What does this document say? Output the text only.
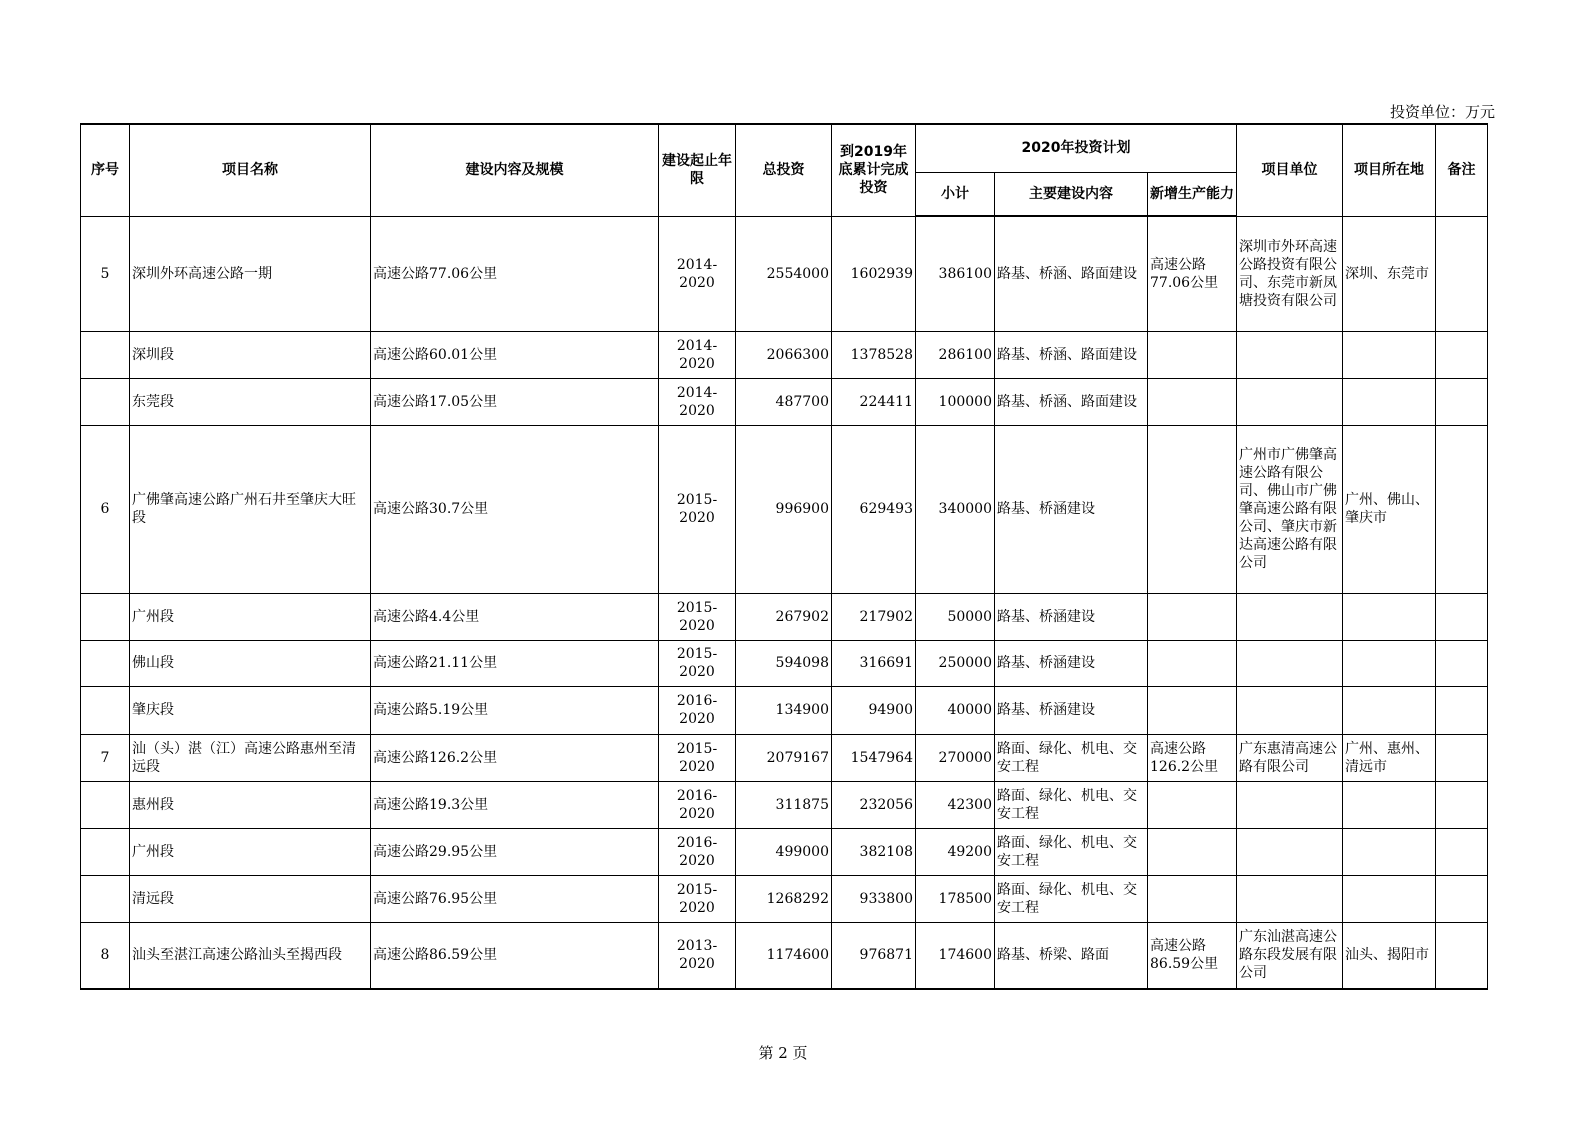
投资单位：万元
序号	项目名称	建设内容及规模	建设起止年限	总投资	到2019年底累计完成投资	2020年投资计划			项目单位	项目所在地	备注
						小计	主要建设内容	新增生产能力			
5	深圳外环高速公路一期	高速公路77.06公里	2014-2020	2554000	1602939	386100	路基、桥涵、路面建设	高速公路77.06公里	深圳市外环高速公路投资有限公司、东莞市新凤塘投资有限公司	深圳、东莞市	
	深圳段	高速公路60.01公里	2014-2020	2066300	1378528	286100	路基、桥涵、路面建设				
	东莞段	高速公路17.05公里	2014-2020	487700	224411	100000	路基、桥涵、路面建设				
6	广佛肇高速公路广州石井至肇庆大旺段	高速公路30.7公里	2015-2020	996900	629493	340000	路基、桥涵建设		广州市广佛肇高速公路有限公司、佛山市广佛肇高速公路有限公司、肇庆市新达高速公路有限公司	广州、佛山、肇庆市	
	广州段	高速公路4.4公里	2015-2020	267902	217902	50000	路基、桥涵建设				
	佛山段	高速公路21.11公里	2015-2020	594098	316691	250000	路基、桥涵建设				
	肇庆段	高速公路5.19公里	2016-2020	134900	94900	40000	路基、桥涵建设				
7	汕（头）湛（江）高速公路惠州至清远段	高速公路126.2公里	2015-2020	2079167	1547964	270000	路面、绿化、机电、交安工程	高速公路126.2公里	广东惠清高速公路有限公司	广州、惠州、清远市	
	惠州段	高速公路19.3公里	2016-2020	311875	232056	42300	路面、绿化、机电、交安工程				
	广州段	高速公路29.95公里	2016-2020	499000	382108	49200	路面、绿化、机电、交安工程				
	清远段	高速公路76.95公里	2015-2020	1268292	933800	178500	路面、绿化、机电、交安工程				
8	汕头至湛江高速公路汕头至揭西段	高速公路86.59公里	2013-2020	1174600	976871	174600	路基、桥梁、路面	高速公路86.59公里	广东汕湛高速公路东段发展有限公司	汕头、揭阳市	
第 2 页
